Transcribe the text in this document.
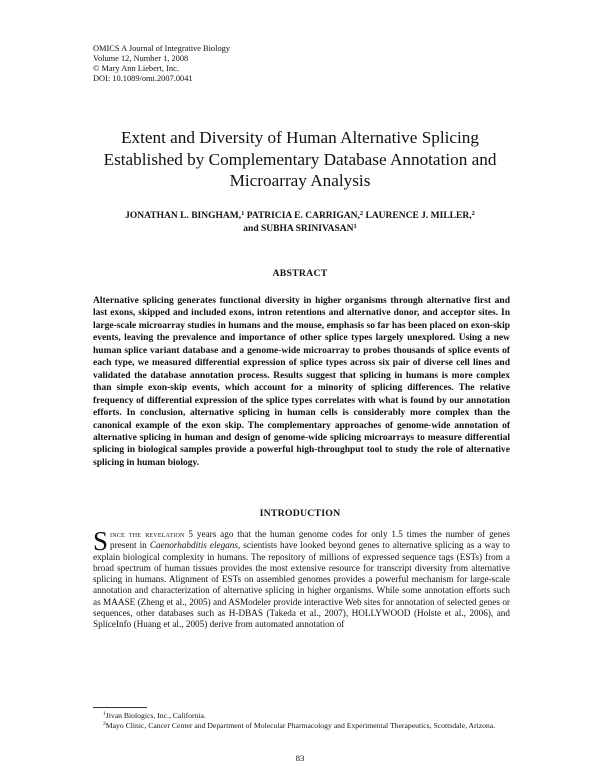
OMICS A Journal of Integrative Biology
Volume 12, Number 1, 2008
© Mary Ann Liebert, Inc.
DOI: 10.1089/omi.2007.0041
Extent and Diversity of Human Alternative Splicing
Established by Complementary Database Annotation and
Microarray Analysis
JONATHAN L. BINGHAM,$^1$ PATRICIA E. CARRIGAN,$^2$ LAURENCE J. MILLER,$^2$
and SUBHA SRINIVASAN$^1$
ABSTRACT

Alternative splicing generates functional diversity in higher organisms through alternative first and last exons, skipped and included exons, intron retentions and alternative donor, and acceptor sites. In large-scale microarray studies in humans and the mouse, emphasis so far has been placed on exon-skip events, leaving the prevalence and importance of other splice types largely unexplored. Using a new human splice variant database and a genome-wide microarray to probes thousands of splice events of each type, we measured differential expression of splice types across six pair of diverse cell lines and validated the database annotation process. Results suggest that splicing in humans is more complex than simple exon-skip events, which account for a minority of splicing differences. The relative frequency of differential expression of the splice types correlates with what is found by our annotation efforts. In conclusion, alternative splicing in human cells is considerably more complex than the canonical example of the exon skip. The complementary approaches of genome-wide annotation of alternative splicing in human and design of genome-wide splicing microarrays to measure differential splicing in biological samples provide a powerful high-throughput tool to study the role of alternative splicing in human biology.

INTRODUCTION

Since the revelation 5 years ago that the human genome codes for only 1.5 times the number of genes present in Caenorhabditis elegans, scientists have looked beyond genes to alternative splicing as a way to explain biological complexity in humans. The repository of millions of expressed sequence tags (ESTs) from a broad spectrum of human tissues provides the most extensive resource for transcript diversity from alternative splicing in humans. Alignment of ESTs on assembled genomes provides a powerful mechanism for large-scale annotation and characterization of alternative splicing in higher organisms. While some annotation efforts such as MAASE (Zheng et al., 2005) and ASModeler provide interactive Web sites for annotation of selected genes or sequences, other databases such as H-DBAS (Takeda et al., 2007), HOLLYWOOD (Holste et al., 2006), and SpliceInfo (Huang et al., 2005) derive from automated annotation of

$^1$Jivan Biologics, Inc., California.

$^2$Mayo Clinic, Cancer Center and Department of Molecular Pharmacology and Experimental Therapeutics, Scottsdale, Arizona.

83
